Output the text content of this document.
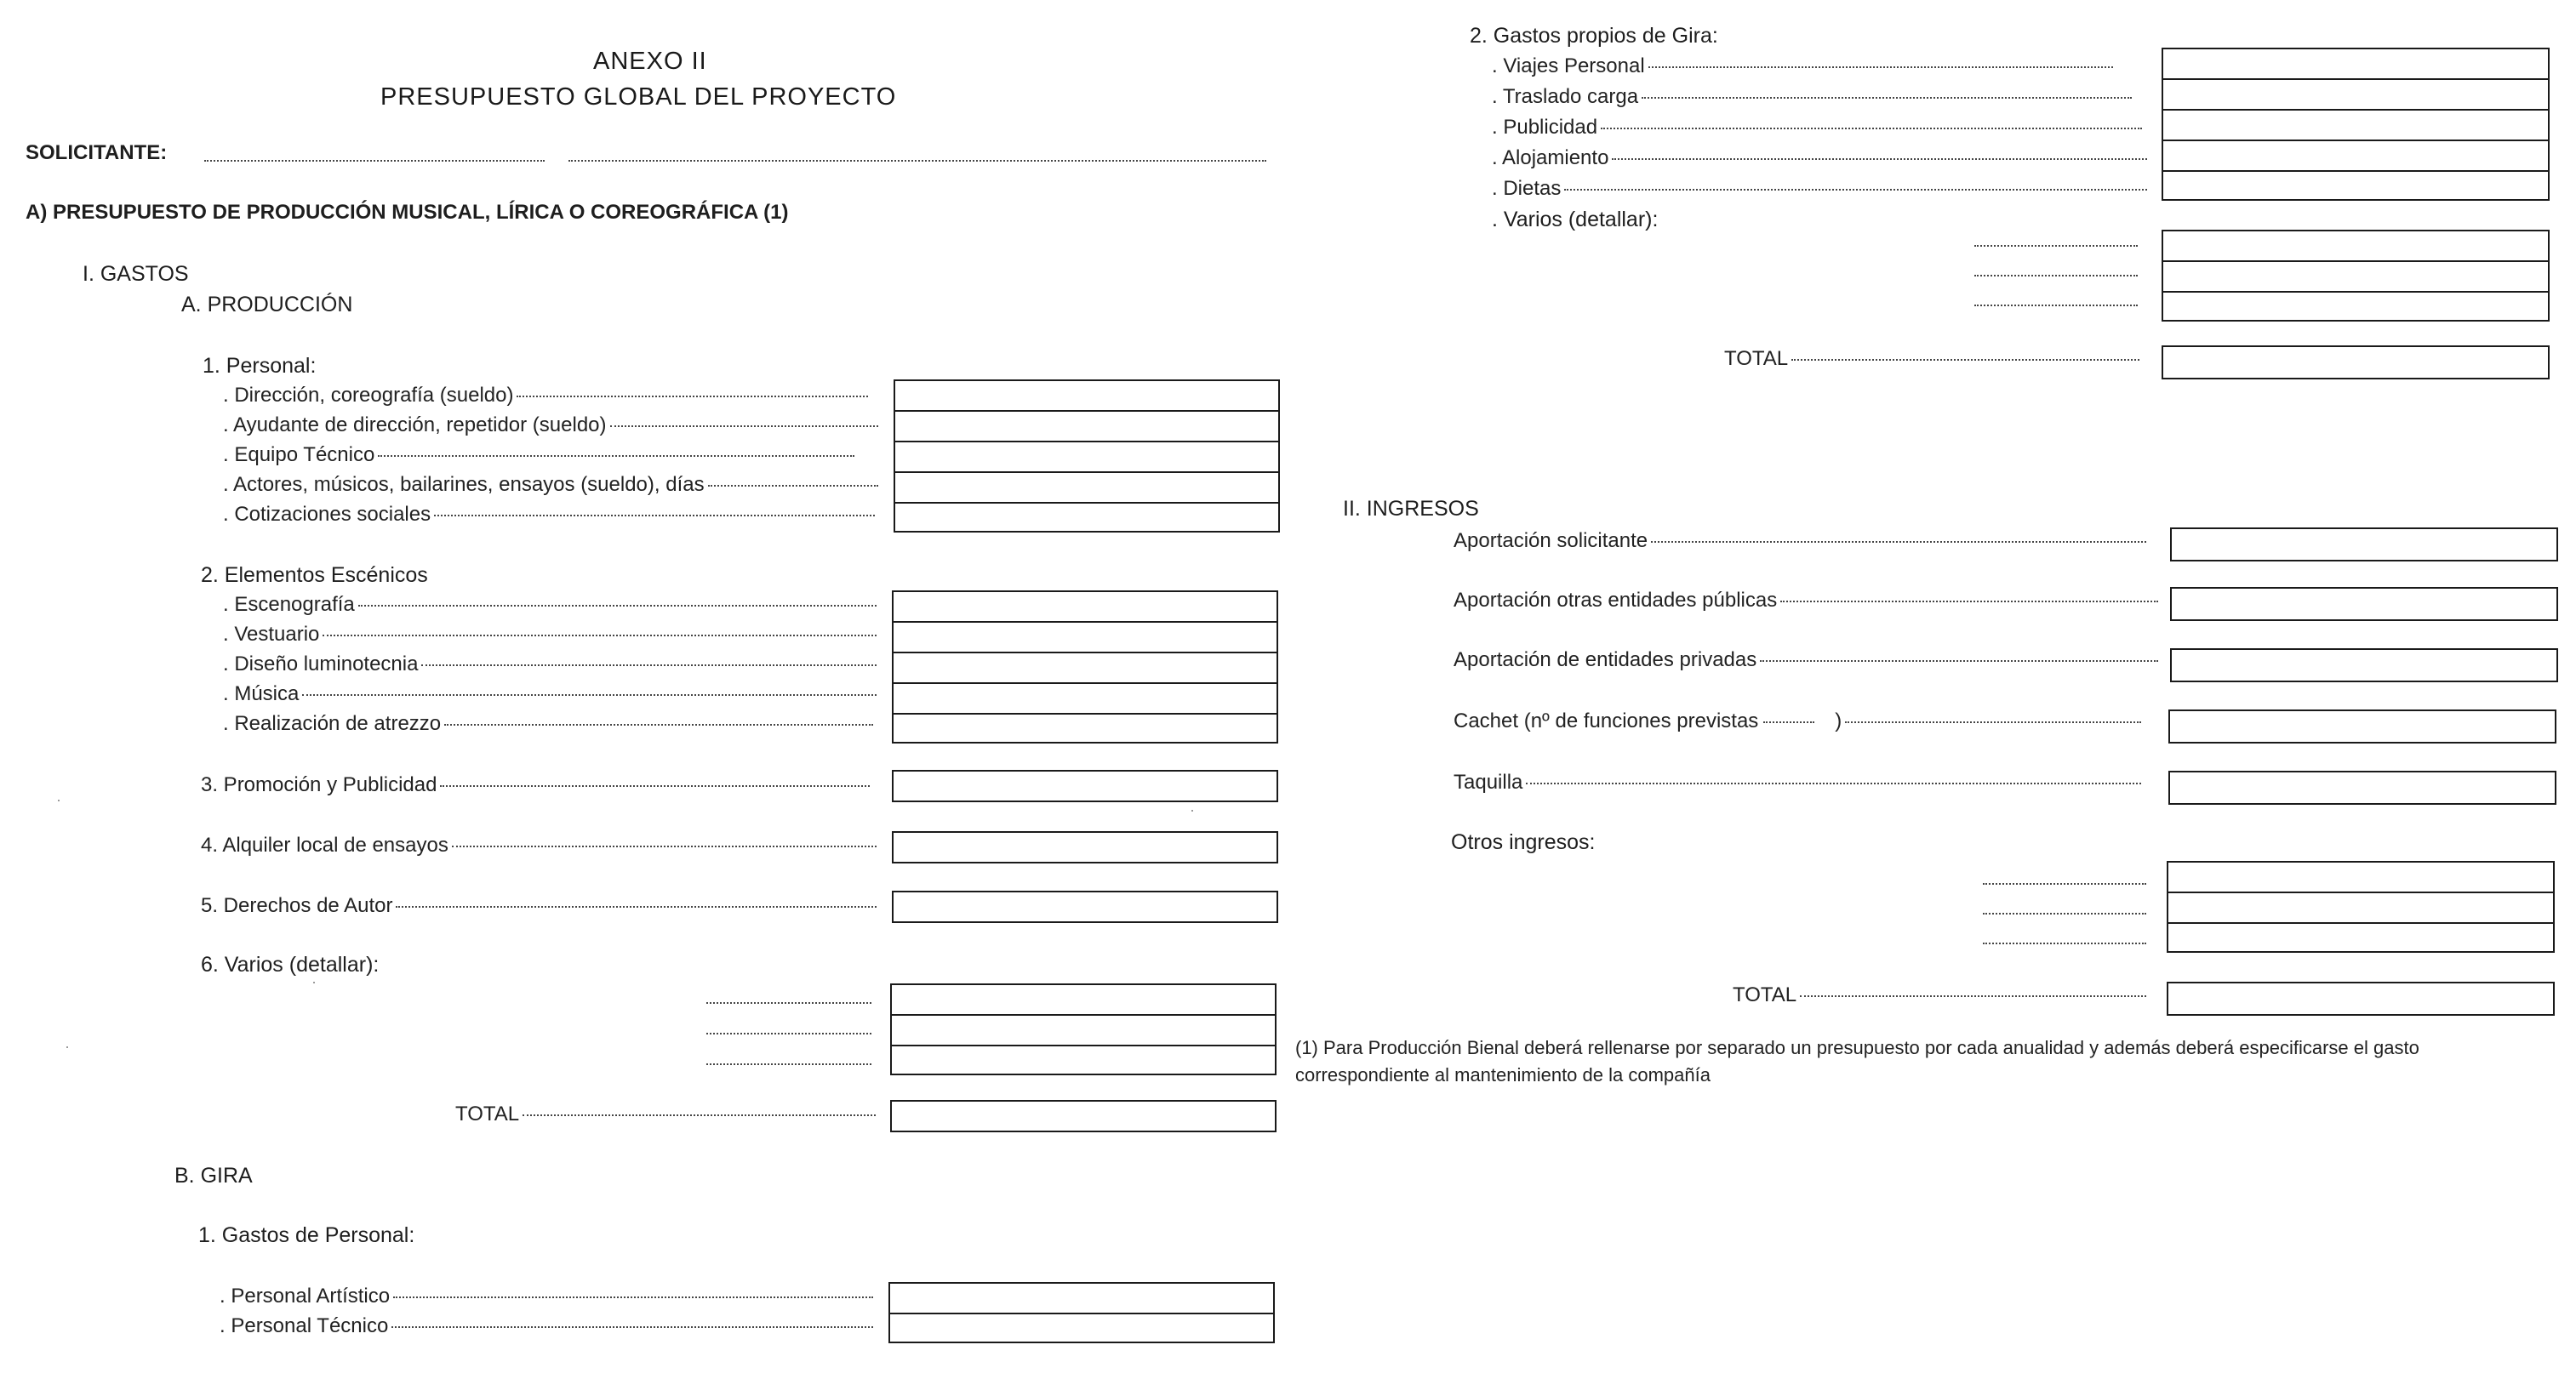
ANEXO II
PRESUPUESTO GLOBAL DEL PROYECTO
SOLICITANTE:
A) PRESUPUESTO DE PRODUCCIÓN MUSICAL, LÍRICA O COREOGRÁFICA (1)
I. GASTOS
A. PRODUCCIÓN
1. Personal:
. Dirección, coreografía (sueldo)
. Ayudante de dirección, repetidor (sueldo)
. Equipo Técnico
. Actores, músicos, bailarines, ensayos (sueldo), días
. Cotizaciones sociales
2. Elementos Escénicos
. Escenografía
. Vestuario
. Diseño luminotecnia
. Música
. Realización de atrezzo
3. Promoción y Publicidad
4. Alquiler local de ensayos
5. Derechos de Autor
6. Varios (detallar):
TOTAL
B. GIRA
1. Gastos de Personal:
. Personal Artístico
. Personal Técnico
2. Gastos propios de Gira:
. Viajes Personal
. Traslado carga
. Publicidad
. Alojamiento
. Dietas
. Varios (detallar):
TOTAL
II. INGRESOS
Aportación solicitante
Aportación otras entidades públicas
Aportación de entidades privadas
Cachet (nº de funciones previstas	)
Taquilla
Otros ingresos:
TOTAL
(1) Para Producción Bienal deberá rellenarse por separado un presupuesto por cada anualidad y además deberá especificarse el gasto correspondiente al mantenimiento de la compañía
